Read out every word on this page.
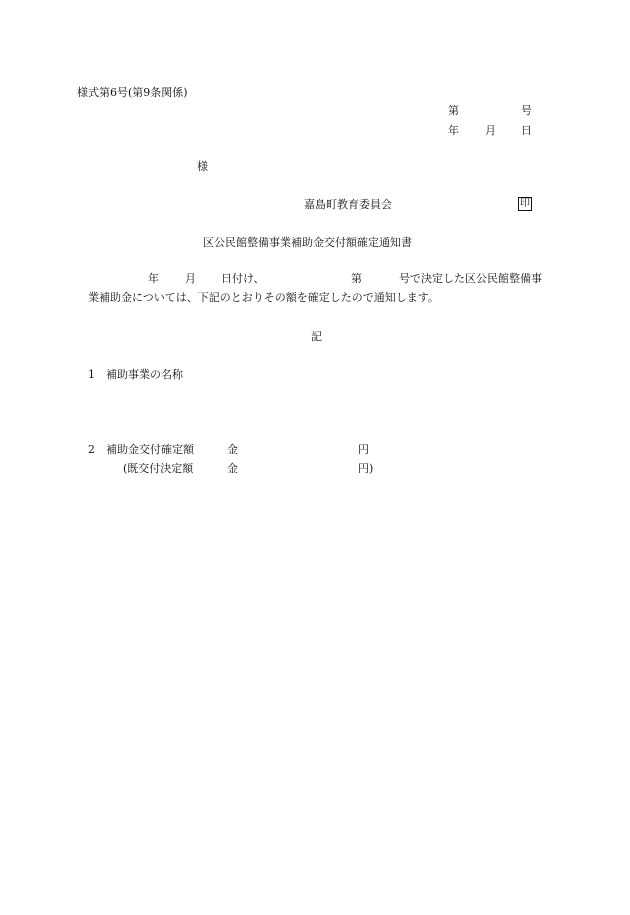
様式第6号(第9条関係)
第	号
年 月 日
様
嘉島町教育委員会	印
区公民館整備事業補助金交付額確定通知書
年 月 日付け、	第	号で決定した区公民館整備事
業補助金については、下記のとおりその額を確定したので通知します。
記
1 補助事業の名称
2 補助金交付確定額	金	円
(既交付決定額	金	円)
